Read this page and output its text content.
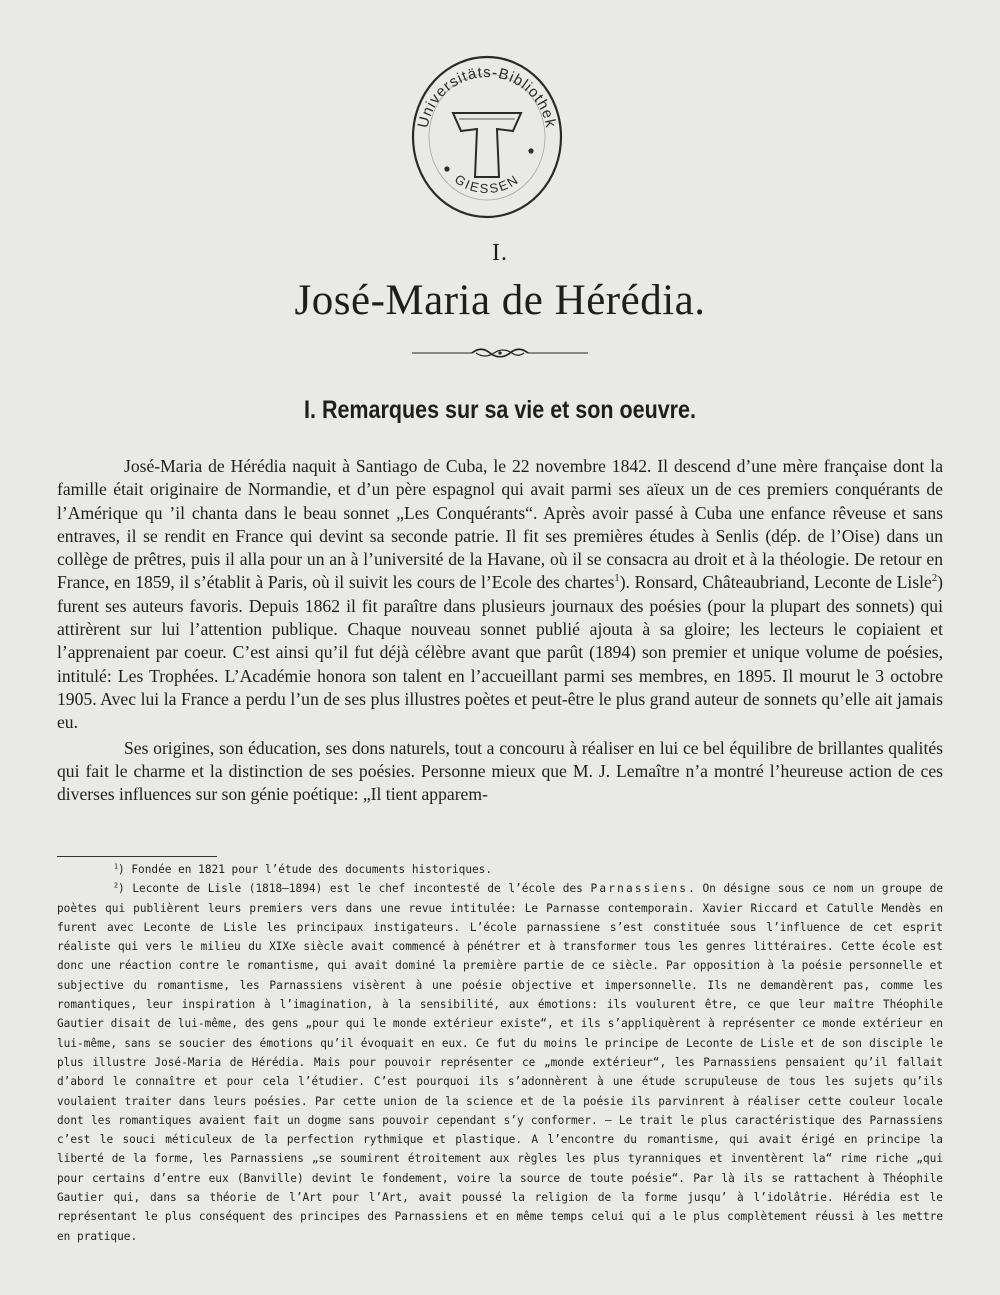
Universitäts-Bibliothek
GIESSEN
I.
José-Maria de Hérédia.
I. Remarques sur sa vie et son oeuvre.

José-Maria de Hérédia naquit à Santiago de Cuba, le 22 novembre 1842. Il descend d’une mère française dont la famille était originaire de Normandie, et d’un père espagnol qui avait parmi ses aïeux un de ces premiers conquérants de l’Amérique qu ’il chanta dans le beau sonnet „Les Conquérants“. Après avoir passé à Cuba une enfance rêveuse et sans entraves, il se rendit en France qui devint sa seconde patrie. Il fit ses premières études à Senlis (dép. de l’Oise) dans un collège de prêtres, puis il alla pour un an à l’université de la Havane, où il se consacra au droit et à la théologie. De retour en France, en 1859, il s’établit à Paris, où il suivit les cours de l’Ecole des chartes$^1$). Ronsard, Châteaubriand, Leconte de Lisle$^2$) furent ses auteurs favoris. Depuis 1862 il fit paraître dans plusieurs journaux des poésies (pour la plupart des sonnets) qui attirèrent sur lui l’attention publique. Chaque nouveau sonnet publié ajouta à sa gloire; les lecteurs le copiaient et l’apprenaient par coeur. C’est ainsi qu’il fut déjà célèbre avant que parût (1894) son premier et unique volume de poésies, intitulé: Les Trophées. L’Académie honora son talent en l’accueillant parmi ses membres, en 1895. Il mourut le 3 octobre 1905. Avec lui la France a perdu l’un de ses plus illustres poètes et peut-être le plus grand auteur de sonnets qu’elle ait jamais eu.

Ses origines, son éducation, ses dons naturels, tout a concouru à réaliser en lui ce bel équilibre de brillantes qualités qui fait le charme et la distinction de ses poésies. Personne mieux que M. J. Lemaître n’a montré l’heureuse action de ces diverses influences sur son génie poétique: „Il tient apparem-

$^1$) Fondée en 1821 pour l’étude des documents historiques.

$^2$) Leconte de Lisle (1818—1894) est le chef incontesté de l’école des Parnassiens. On désigne sous ce nom un groupe de poètes qui publièrent leurs premiers vers dans une revue intitulée: Le Parnasse contemporain. Xavier Riccard et Catulle Mendès en furent avec Leconte de Lisle les principaux instigateurs. L’école parnassiene s’est constituée sous l’influence de cet esprit réaliste qui vers le milieu du XIXe siècle avait commencé à pénétrer et à transformer tous les genres littéraires. Cette école est donc une réaction contre le romantisme, qui avait dominé la première partie de ce siècle. Par opposition à la poésie personnelle et subjective du romantisme, les Parnassiens visèrent à une poésie objective et impersonnelle. Ils ne demandèrent pas, comme les romantiques, leur inspiration à l’imagination, à la sensibilité, aux émotions: ils voulurent être, ce que leur maître Théophile Gautier disait de lui-même, des gens „pour qui le monde extérieur existe“, et ils s’appliquèrent à représenter ce monde extérieur en lui-même, sans se soucier des émotions qu’il évoquait en eux. Ce fut du moins le principe de Leconte de Lisle et de son disciple le plus illustre José-Maria de Hérédia. Mais pour pouvoir représenter ce „monde extérieur“, les Parnassiens pensaient qu’il fallait d’abord le connaître et pour cela l’étudier. C’est pourquoi ils s’adonnèrent à une étude scrupuleuse de tous les sujets qu’ils voulaient traiter dans leurs poésies. Par cette union de la science et de la poésie ils parvinrent à réaliser cette couleur locale dont les romantiques avaient fait un dogme sans pouvoir cependant s’y conformer. — Le trait le plus caractéristique des Parnassiens c’est le souci méticuleux de la perfection rythmique et plastique. A l’encontre du romantisme, qui avait érigé en principe la liberté de la forme, les Parnassiens „se soumirent étroitement aux règles les plus tyranniques et inventèrent la“ rime riche „qui pour certains d’entre eux (Banville) devint le fondement, voire la source de toute poésie“. Par là ils se rattachent à Théophile Gautier qui, dans sa théorie de l’Art pour l’Art, avait poussé la religion de la forme jusqu’ à l’idolâtrie. Hérédia est le représentant le plus conséquent des principes des Parnassiens et en même temps celui qui a le plus complètement réussi à les mettre en pratique.
